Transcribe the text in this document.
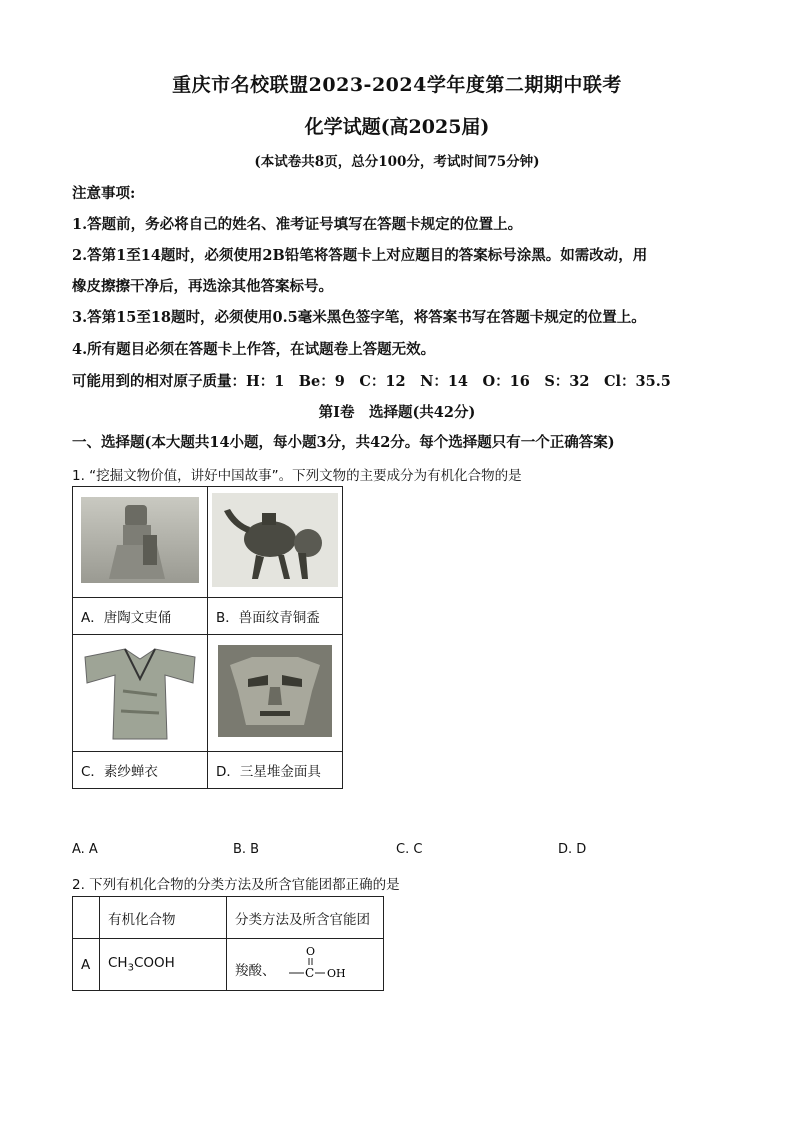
重庆市名校联盟2023-2024学年度第二期期中联考
化学试题(高2025届)
(本试卷共8页，总分100分，考试时间75分钟)
注意事项:
1.答题前，务必将自己的姓名、准考证号填写在答题卡规定的位置上。
2.答第1至14题时，必须使用2B铅笔将答题卡上对应题目的答案标号涂黑。如需改动，用
橡皮擦擦干净后，再选涂其他答案标号。
3.答第15至18题时，必须使用0.5毫米黑色签字笔，将答案书写在答题卡规定的位置上。
4.所有题目必须在答题卡上作答，在试题卷上答题无效。
可能用到的相对原子质量：H：1　Be：9　C：12　N：14　O：16　S：32　Cl：35.5
第Ⅰ卷　选择题(共42分)
一、选择题(本大题共14小题，每小题3分，共42分。每个选择题只有一个正确答案)
1. “挖掘文物价值，讲好中国故事”。下列文物的主要成分为有机化合物的是

A．唐陶文吏俑	B．兽面纹青铜盉

C．素纱蝉衣	D．三星堆金面具
A. A	B. B	C. C	D. D
2. 下列有机化合物的分类方法及所含官能团都正确的是
	有机化合物	分类方法及所含官能团
A	$CH_3COOH$	羧酸、
O
C OH
